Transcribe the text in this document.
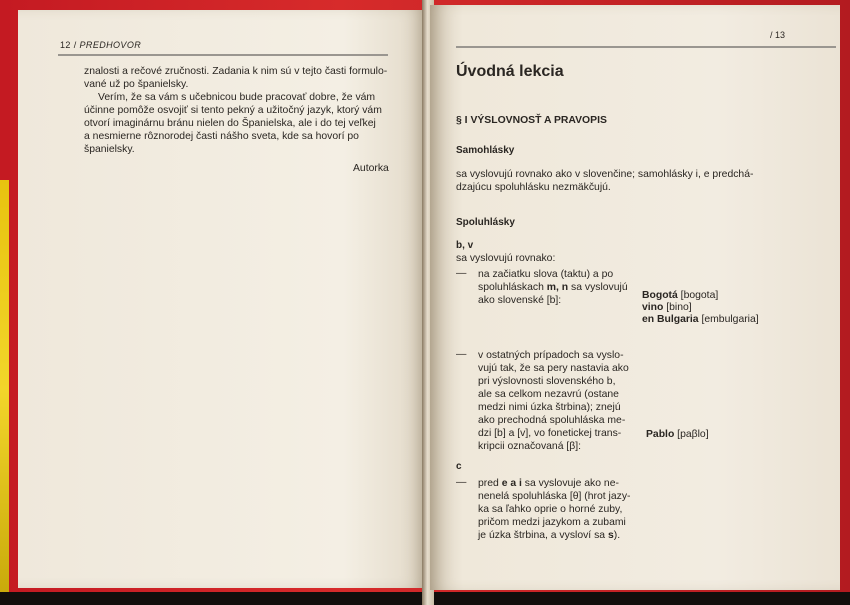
12 / PREDHOVOR
znalosti a rečové zručnosti. Zadania k nim sú v tejto časti formulo-
vané už po španielsky.
Verím, že sa vám s učebnicou bude pracovať dobre, že vám
účinne pomôže osvojiť si tento pekný a užitočný jazyk, ktorý vám
otvorí imaginárnu bránu nielen do Španielska, ale i do tej veľkej
a nesmierne rôznorodej časti nášho sveta, kde sa hovorí po
španielsky.
Autorka
/ 13
Úvodná lekcia
§ I VÝSLOVNOSŤ A PRAVOPIS
Samohlásky
sa vyslovujú rovnako ako v slovenčine; samohlásky i, e predchá-
dzajúcu spoluhlásku nezmäkčujú.
Spoluhlásky
b, v
sa vyslovujú rovnako:
— na začiatku slova (taktu) a po
spoluhláskach m, n sa vyslovujú
ako slovenské [b]:	Bogotá [bogota]
vino [bino]
en Bulgaria [embulgaria]
— v ostatných prípadoch sa vyslo-
vujú tak, že sa pery nastavia ako
pri výslovnosti slovenského b,
ale sa celkom nezavrú (ostane
medzi nimi úzka štrbina); znejú
ako prechodná spoluhláska me-
dzi [b] a [v], vo fonetickej trans-
kripcii označovaná [β]:
Pablo [paβlo]
c
— pred e a i sa vyslovuje ako ne-
nenelá spoluhláska [θ] (hrot jazy-
ka sa ľahko oprie o horné zuby,
pričom medzi jazykom a zubami
je úzka štrbina, a vysloví sa s).
